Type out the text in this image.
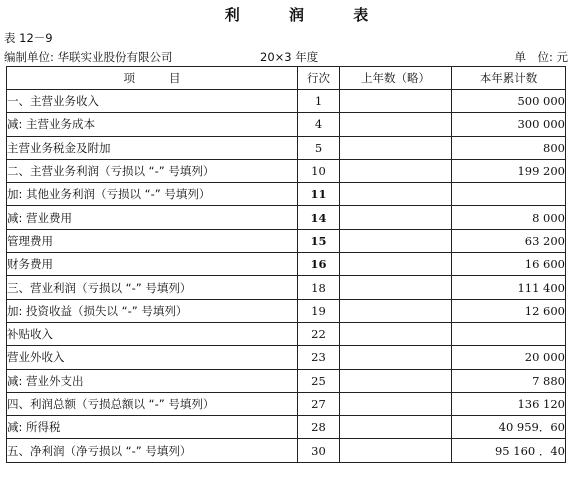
利 润 表
表 12－9
编制单位: 华联实业股份有限公司	20×3 年度	单　位: 元
项目	行次	上年数（略）	本年累计数
一、主营业务收入	1		500 000
减: 主营业务成本	4		300 000
主营业务税金及附加	5		800
二、主营业务利润（亏损以 “-” 号填列）	10		199 200
加: 其他业务利润（亏损以 “-” 号填列）	11		
减: 营业费用	14		8 000
管理费用	15		63 200
财务费用	16		16 600
三、营业利润（亏损以 “-” 号填列）	18		111 400
加: 投资收益（损失以 “-” 号填列）	19		12 600
补贴收入	22		
营业外收入	23		20 000
减: 营业外支出	25		7 880
四、利润总额（亏损总额以 “-” 号填列）	27		136 120
减: 所得税	28		40 959．60
五、净利润（净亏损以 “-” 号填列）	30		95 160 ．40
